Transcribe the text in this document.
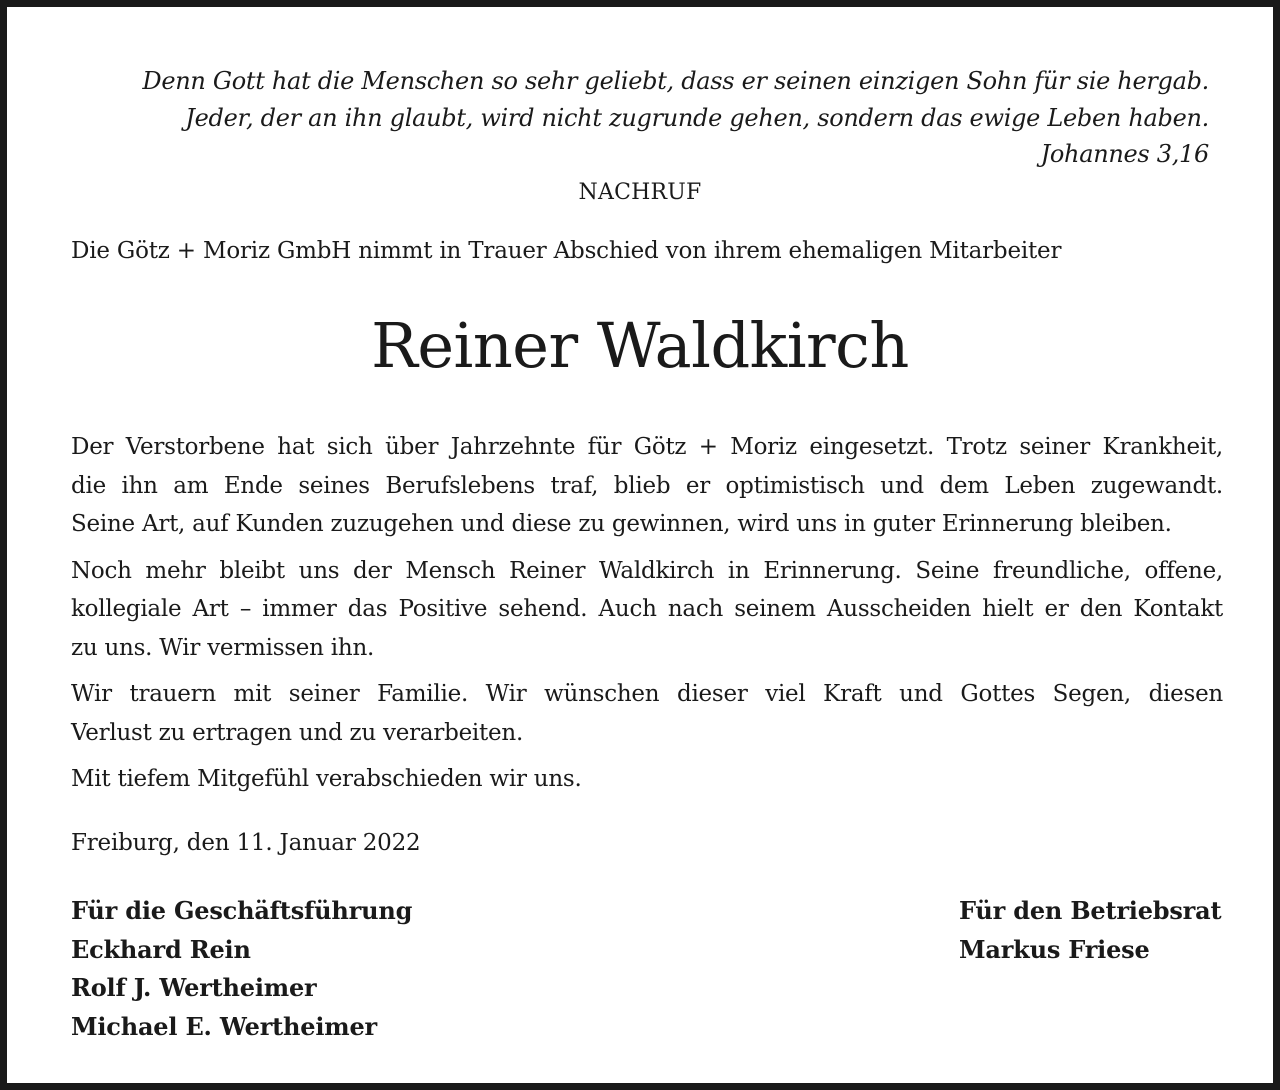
Denn Gott hat die Menschen so sehr geliebt, dass er seinen einzigen Sohn für sie hergab.
Jeder, der an ihn glaubt, wird nicht zugrunde gehen, sondern das ewige Leben haben.
Johannes 3,16
NACHRUF
Die Götz + Moriz GmbH nimmt in Trauer Abschied von ihrem ehemaligen Mitarbeiter
Reiner Waldkirch

Der Verstorbene hat sich über Jahrzehnte für Götz + Moriz eingesetzt. Trotz seiner Krankheit,
die ihn am Ende seines Berufslebens traf, blieb er optimistisch und dem Leben zugewandt.
Seine Art, auf Kunden zuzugehen und diese zu gewinnen, wird uns in guter Erinnerung bleiben.

Noch mehr bleibt uns der Mensch Reiner Waldkirch in Erinnerung. Seine freundliche, offene,
kollegiale Art – immer das Positive sehend. Auch nach seinem Ausscheiden hielt er den Kontakt
zu uns. Wir vermissen ihn.

Wir trauern mit seiner Familie. Wir wünschen dieser viel Kraft und Gottes Segen, diesen
Verlust zu ertragen und zu verarbeiten.

Mit tiefem Mitgefühl verabschieden wir uns.

Freiburg, den 11. Januar 2022
Für die Geschäftsführung
Eckhard Rein
Rolf J. Wertheimer
Michael E. Wertheimer
Für den Betriebsrat
Markus Friese
